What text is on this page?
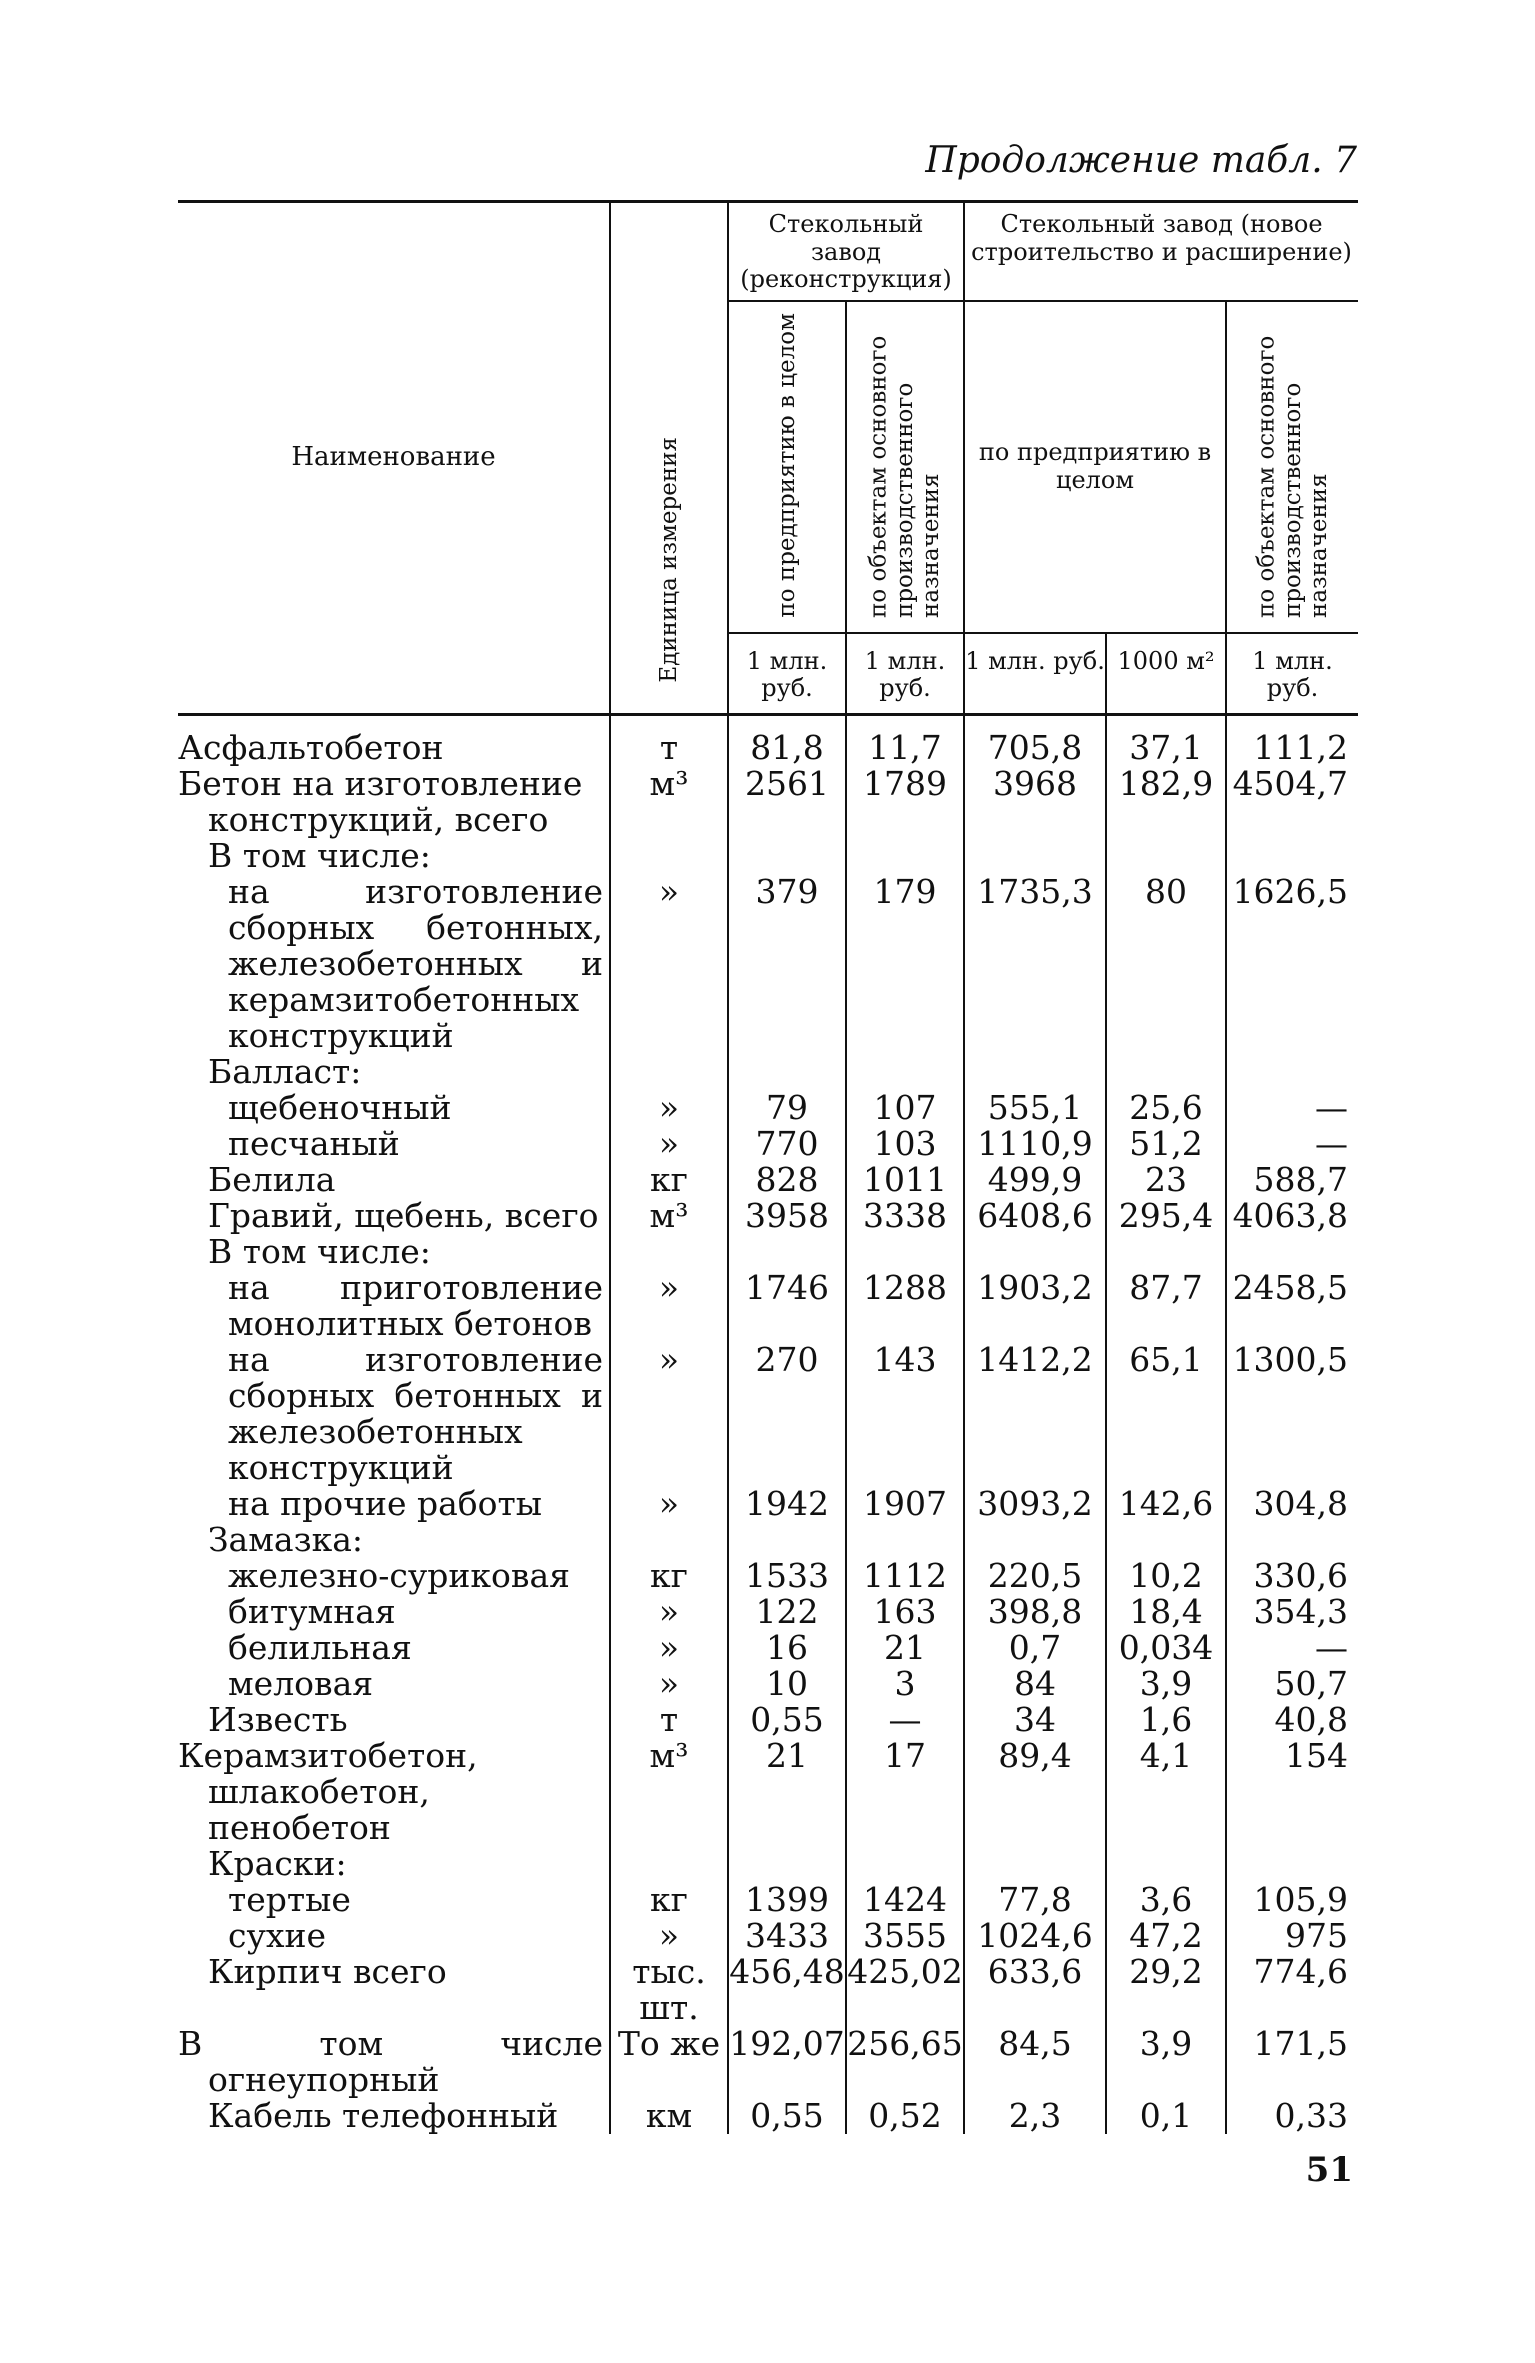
Продолжение табл. 7
Наименование	Единица измерения	Стекольный завод (реконструкция)		Стекольный завод (новое строительство и расширение)		

		по предприятию в целом	по объектам основного производственного назначения	по предприятию в целом		по объектам основного производственного назначения

		1 млн. руб.	1 млн. руб.	1 млн. руб.	1000 м²	1 млн. руб.

Асфальтобетон	т	81,8	11,7	705,8	37,1	111,2
Бетон на изготовление конструкций, всего	м³	2561	1789	3968	182,9	4504,7
В том числе:						
на изготовление сборных бетонных, железобетонных и керамзитобетонных конструкций	»	379	179	1735,3	80	1626,5
Балласт:						
щебеночный	»	79	107	555,1	25,6	—
песчаный	»	770	103	1110,9	51,2	—
Белила	кг	828	1011	499,9	23	588,7
Гравий, щебень, всего	м³	3958	3338	6408,6	295,4	4063,8
В том числе:						
на приготовление монолитных бетонов	»	1746	1288	1903,2	87,7	2458,5
на изготовление сборных бетонных и железобетонных конструкций	»	270	143	1412,2	65,1	1300,5
на прочие работы	»	1942	1907	3093,2	142,6	304,8
Замазка:						
железно-суриковая	кг	1533	1112	220,5	10,2	330,6
битумная	»	122	163	398,8	18,4	354,3
белильная	»	16	21	0,7	0,034	—
меловая	»	10	3	84	3,9	50,7
Известь	т	0,55	—	34	1,6	40,8
Керамзитобетон, шлакобетон, пенобетон	м³	21	17	89,4	4,1	154
Краски:						
тертые	кг	1399	1424	77,8	3,6	105,9
сухие	»	3433	3555	1024,6	47,2	975
Кирпич всего	тыс. шт.	456,48	425,02	633,6	29,2	774,6
В том числе огнеупорный	То же	192,07	256,65	84,5	3,9	171,5
Кабель телефонный	км	0,55	0,52	2,3	0,1	0,33
51
